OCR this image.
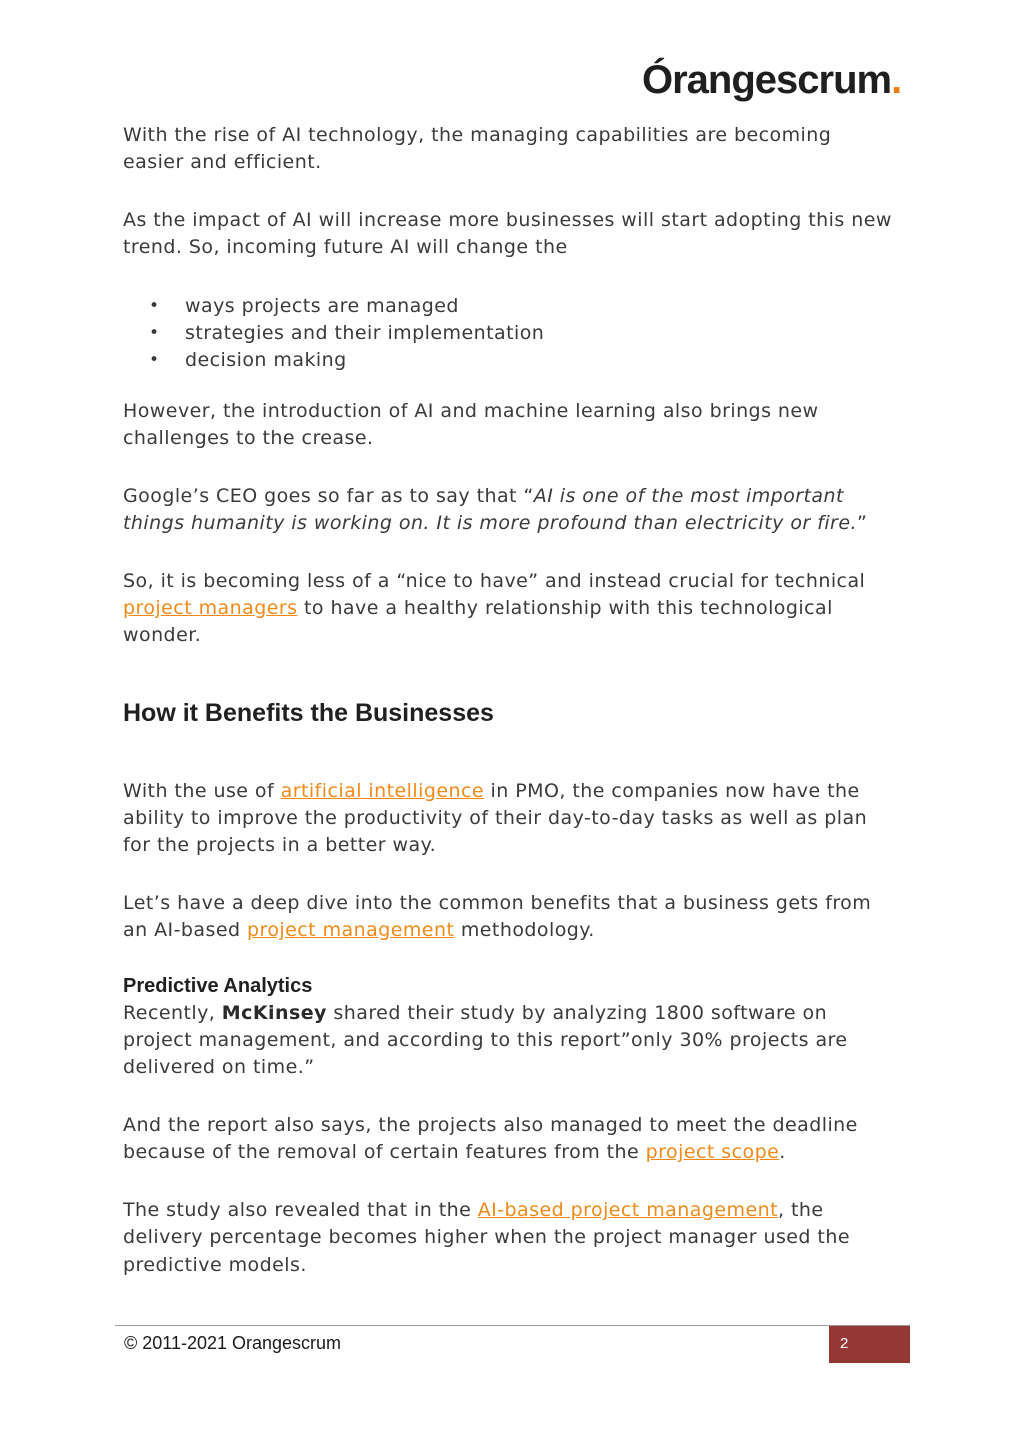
Órangescrum.

With the rise of AI technology, the managing capabilities are becoming easier and efficient.

As the impact of AI will increase more businesses will start adopting this new trend. So, incoming future AI will change the

• ways projects are managed
• strategies and their implementation
• decision making

However, the introduction of AI and machine learning also brings new challenges to the crease.

Google’s CEO goes so far as to say that “AI is one of the most important things humanity is working on. It is more profound than electricity or fire.”

So, it is becoming less of a “nice to have” and instead crucial for technical project managers to have a healthy relationship with this technological wonder.

How it Benefits the Businesses

With the use of artificial intelligence in PMO, the companies now have the ability to improve the productivity of their day-to-day tasks as well as plan for the projects in a better way.

Let’s have a deep dive into the common benefits that a business gets from an AI-based project management methodology.

Predictive Analytics

Recently, McKinsey shared their study by analyzing 1800 software on project management, and according to this report”only 30% projects are delivered on time.”

And the report also says, the projects also managed to meet the deadline because of the removal of certain features from the project scope.

The study also revealed that in the AI-based project management, the delivery percentage becomes higher when the project manager used the predictive models.

© 2011-2021 Orangescrum	2
